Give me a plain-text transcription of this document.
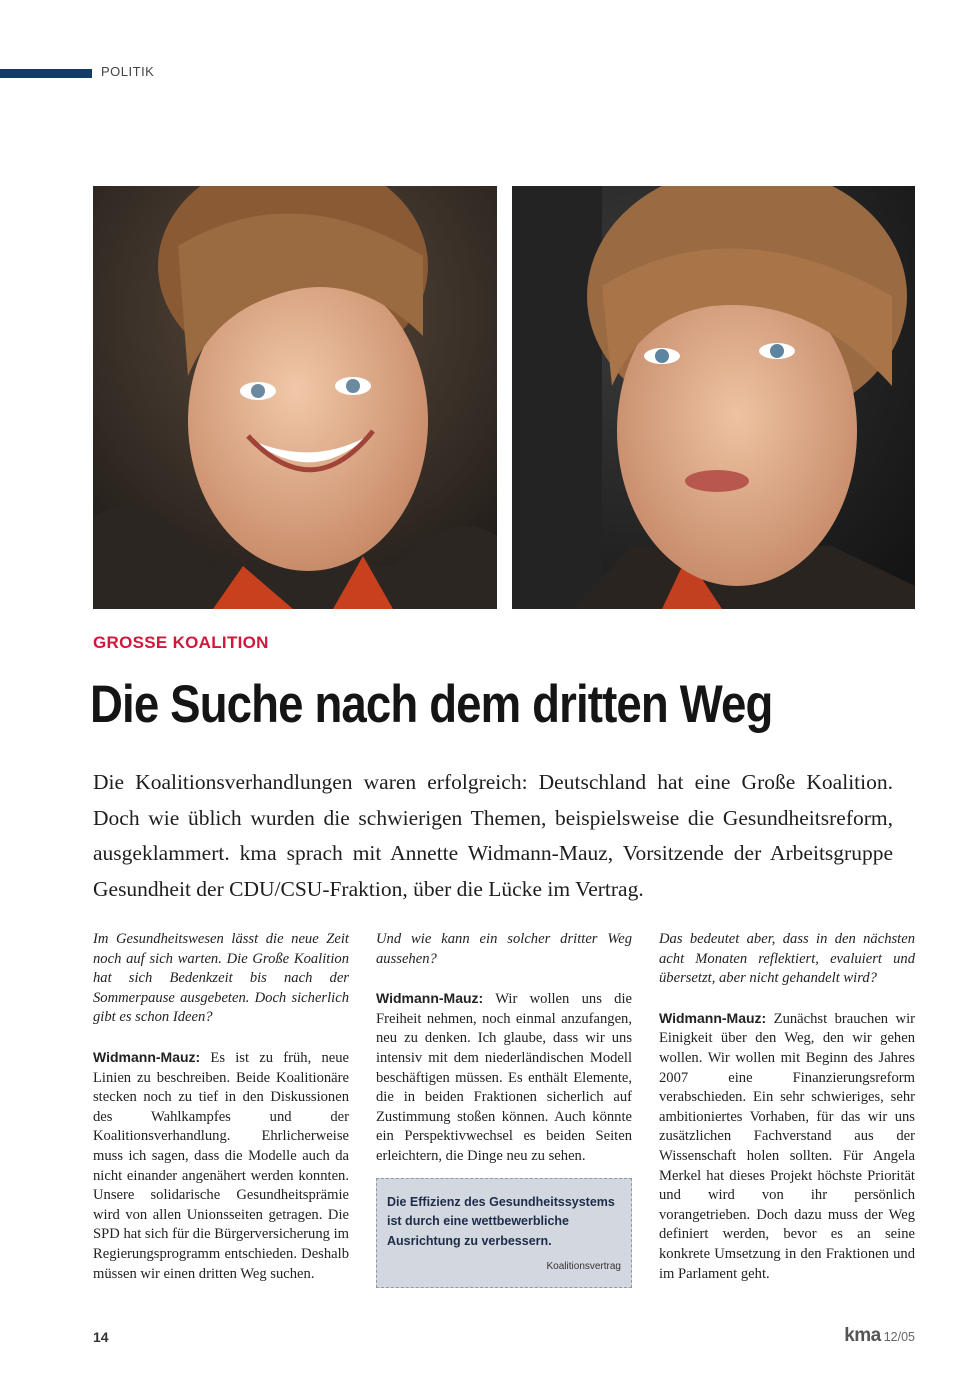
POLITIK
GROSSE KOALITION
Die Suche nach dem dritten Weg

Die Koalitionsverhandlungen waren erfolgreich: Deutschland hat eine Große Koalition. Doch wie üblich wurden die schwierigen Themen, beispielsweise die Gesundheitsreform, ausgeklammert. kma sprach mit Annette Widmann-Mauz, Vorsitzende der Arbeitsgruppe Gesundheit der CDU/CSU-Fraktion, über die Lücke im Vertrag.

Im Gesundheitswesen lässt die neue Zeit noch auf sich warten. Die Große Koalition hat sich Bedenkzeit bis nach der Sommerpause ausgebeten. Doch sicherlich gibt es schon Ideen?

Widmann-Mauz: Es ist zu früh, neue Linien zu beschreiben. Beide Koalitionäre stecken noch zu tief in den Diskussionen des Wahlkampfes und der Koalitionsverhandlung. Ehrlicherweise muss ich sagen, dass die Modelle auch da nicht einander angenähert werden konnten. Unsere solidarische Gesundheitsprämie wird von allen Unionsseiten getragen. Die SPD hat sich für die Bürgerversicherung im Regierungsprogramm entschieden. Deshalb müssen wir einen dritten Weg suchen.

Und wie kann ein solcher dritter Weg aussehen?

Widmann-Mauz: Wir wollen uns die Freiheit nehmen, noch einmal anzufangen, neu zu denken. Ich glaube, dass wir uns intensiv mit dem niederländischen Modell beschäftigen müssen. Es enthält Elemente, die in beiden Fraktionen sicherlich auf Zustimmung stoßen können. Auch könnte ein Perspektivwechsel es beiden Seiten erleichtern, die Dinge neu zu sehen.

Die Effizienz des Gesundheitssystems ist durch eine wettbewerbliche Ausrichtung zu verbessern.
Koalitionsvertrag

Das bedeutet aber, dass in den nächsten acht Monaten reflektiert, evaluiert und übersetzt, aber nicht gehandelt wird?

Widmann-Mauz: Zunächst brauchen wir Einigkeit über den Weg, den wir gehen wollen. Wir wollen mit Beginn des Jahres 2007 eine Finanzierungsreform verabschieden. Ein sehr schwieriges, sehr ambitioniertes Vorhaben, für das wir uns zusätzlichen Fachverstand aus der Wissenschaft holen sollten. Für Angela Merkel hat dieses Projekt höchste Priorität und wird von ihr persönlich vorangetrieben. Doch dazu muss der Weg definiert werden, bevor es an seine konkrete Umsetzung in den Fraktionen und im Parlament geht.

14	kma 12/05
